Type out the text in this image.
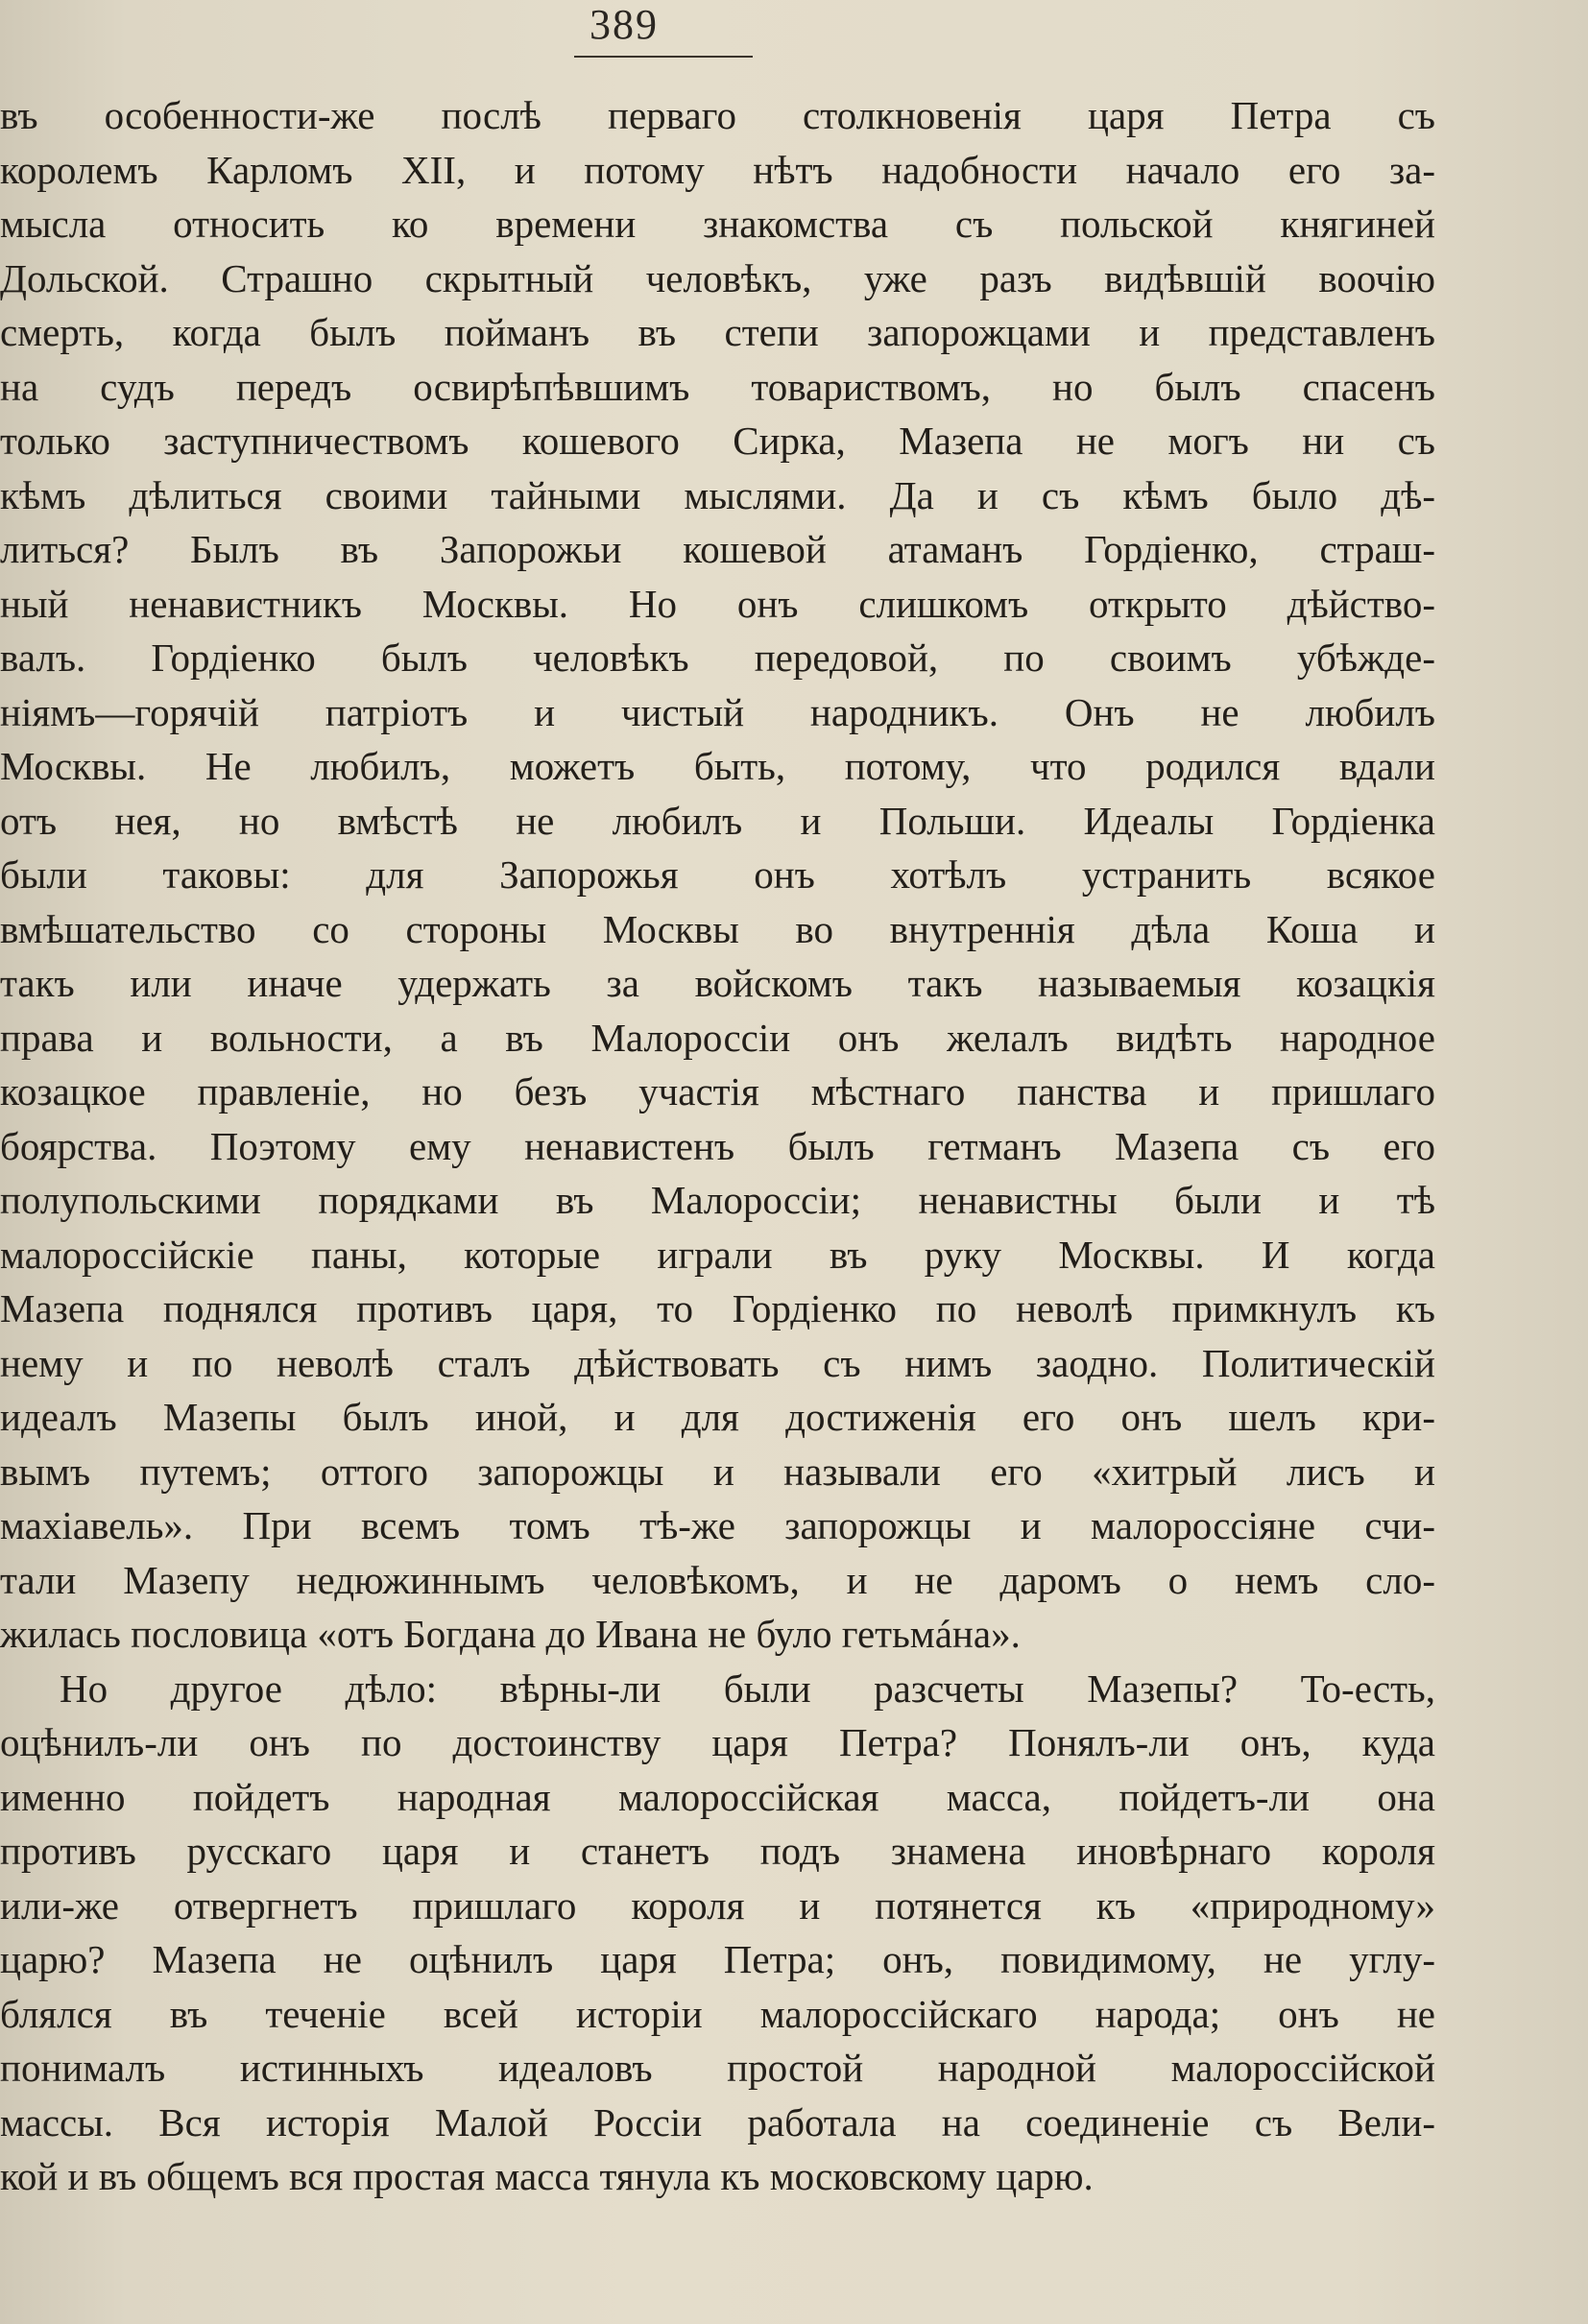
389
въ особенности-же послѣ перваго столкновенія царя Петра съ
королемъ Карломъ XII, и потому нѣтъ надобности начало его за-
мысла относить ко времени знакомства съ польской княгиней
Дольской. Страшно скрытный человѣкъ, уже разъ видѣвшій воочію
смерть, когда былъ пойманъ въ степи запорожцами и представленъ
на судъ передъ освирѣпѣвшимъ товариствомъ, но былъ спасенъ
только заступничествомъ кошевого Сирка, Мазепа не могъ ни съ
кѣмъ дѣлиться своими тайными мыслями. Да и съ кѣмъ было дѣ-
литься? Былъ въ Запорожьи кошевой атаманъ Гордіенко, страш-
ный ненавистникъ Москвы. Но онъ слишкомъ открыто дѣйство-
валъ. Гордіенко былъ человѣкъ передовой, по своимъ убѣжде-
ніямъ—горячій патріотъ и чистый народникъ. Онъ не любилъ
Москвы. Не любилъ, можетъ быть, потому, что родился вдали
отъ нея, но вмѣстѣ не любилъ и Польши. Идеалы Гордіенка
были таковы: для Запорожья онъ хотѣлъ устранить всякое
вмѣшательство со стороны Москвы во внутреннія дѣла Коша и
такъ или иначе удержать за войскомъ такъ называемыя козацкія
права и вольности, а въ Малороссіи онъ желалъ видѣть народное
козацкое правленіе, но безъ участія мѣстнаго панства и пришлаго
боярства. Поэтому ему ненавистенъ былъ гетманъ Мазепа съ его
полупольскими порядками въ Малороссіи; ненавистны были и тѣ
малороссійскіе паны, которые играли въ руку Москвы. И когда
Мазепа поднялся противъ царя, то Гордіенко по неволѣ примкнулъ къ
нему и по неволѣ сталъ дѣйствовать съ нимъ заодно. Политическій
идеалъ Мазепы былъ иной, и для достиженія его онъ шелъ кри-
вымъ путемъ; оттого запорожцы и называли его «хитрый лисъ и
махіавель». При всемъ томъ тѣ-же запорожцы и малороссіяне счи-
тали Мазепу недюжиннымъ человѣкомъ, и не даромъ о немъ сло-
жилась пословица «отъ Богдана до Ивана не було гетьмáна».
Но другое дѣло: вѣрны-ли были разсчеты Мазепы? То-есть,
оцѣнилъ-ли онъ по достоинству царя Петра? Понялъ-ли онъ, куда
именно пойдетъ народная малороссійская масса, пойдетъ-ли она
противъ русскаго царя и станетъ подъ знамена иновѣрнаго короля
или-же отвергнетъ пришлаго короля и потянется къ «природному»
царю? Мазепа не оцѣнилъ царя Петра; онъ, повидимому, не углу-
блялся въ теченіе всей исторіи малороссійскаго народа; онъ не
понималъ истинныхъ идеаловъ простой народной малороссійской
массы. Вся исторія Малой Россіи работала на соединеніе съ Вели-
кой и въ общемъ вся простая масса тянула къ московскому царю.
